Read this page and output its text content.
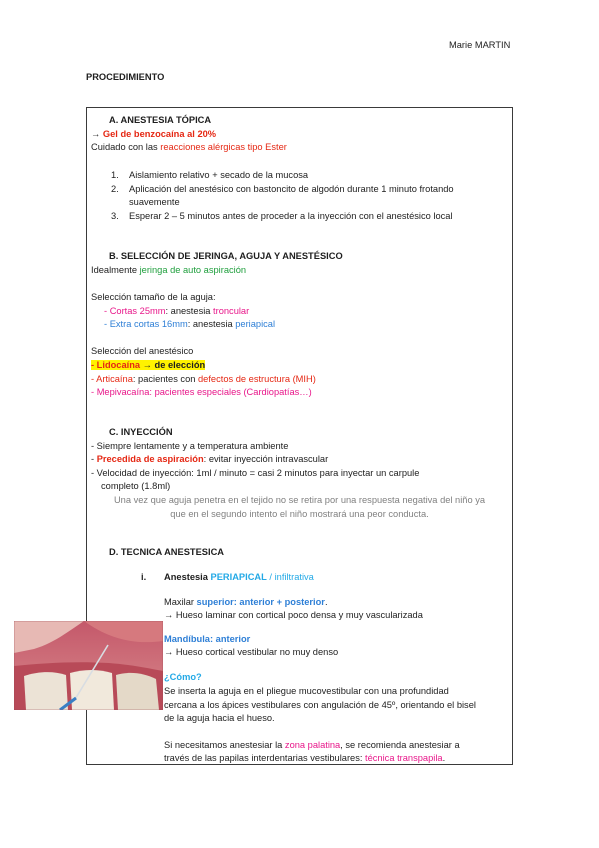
Marie MARTIN
PROCEDIMIENTO
A. ANESTESIA TÓPICA
→ Gel de benzocaína al 20%
Cuidado con las reacciones alérgicas tipo Ester
1. Aislamiento relativo + secado de la mucosa
2. Aplicación del anestésico con bastoncito de algodón durante 1 minuto frotando
suavemente
3. Esperar 2 – 5 minutos antes de proceder a la inyección con el anestésico local
B. SELECCIÓN DE JERINGA, AGUJA Y ANESTÉSICO
Idealmente jeringa de auto aspiración
Selección tamaño de la aguja:
- Cortas 25mm: anestesia troncular
- Extra cortas 16mm: anestesia periapical
Selección del anestésico
- Lidocaína → de elección
- Articaína: pacientes con defectos de estructura (MIH)
- Mepivacaína: pacientes especiales (Cardiopatías…)
C. INYECCIÓN
- Siempre lentamente y a temperatura ambiente
- Precedida de aspiración: evitar inyección intravascular
- Velocidad de inyección: 1ml / minuto = casi 2 minutos para inyectar un carpule
completo (1.8ml)
Una vez que aguja penetra en el tejido no se retira por una respuesta negativa del niño ya
que en el segundo intento el niño mostrará una peor conducta.
D. TECNICA ANESTESICA
i. Anestesia PERIAPICAL / infiltrativa
Maxilar superior: anterior + posterior.
→ Hueso laminar con cortical poco densa y muy vascularizada
Mandíbula: anterior
→ Hueso cortical vestibular no muy denso
¿Cómo?
Se inserta la aguja en el pliegue mucovestibular con una profundidad
cercana a los ápices vestibulares con angulación de 45º, orientando el bisel
de la aguja hacia el hueso.
Si necesitamos anestesiar la zona palatina, se recomienda anestesiar a
través de las papilas interdentarias vestibulares: técnica transpapila.
